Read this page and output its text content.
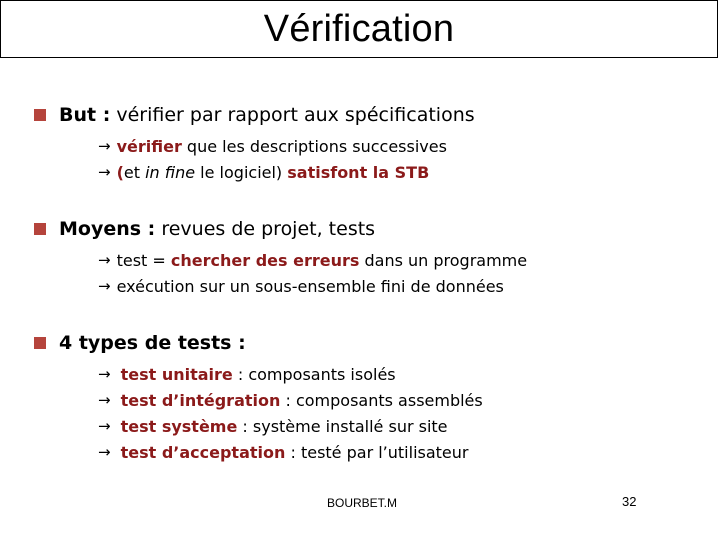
Vérification
But : vérifier par rapport aux spécifications
→ vérifier que les descriptions successives
→ ( et in fine le logiciel) satisfont la STB
Moyens : revues de projet, tests
→ test = chercher des erreurs dans un programme
→ exécution sur un sous-ensemble fini de données
4 types de tests :
→ test unitaire : composants isolés
→ test d’intégration : composants assemblés
→ test système : système installé sur site
→ test d’acceptation : testé par l’utilisateur
BOURBET.M	32
